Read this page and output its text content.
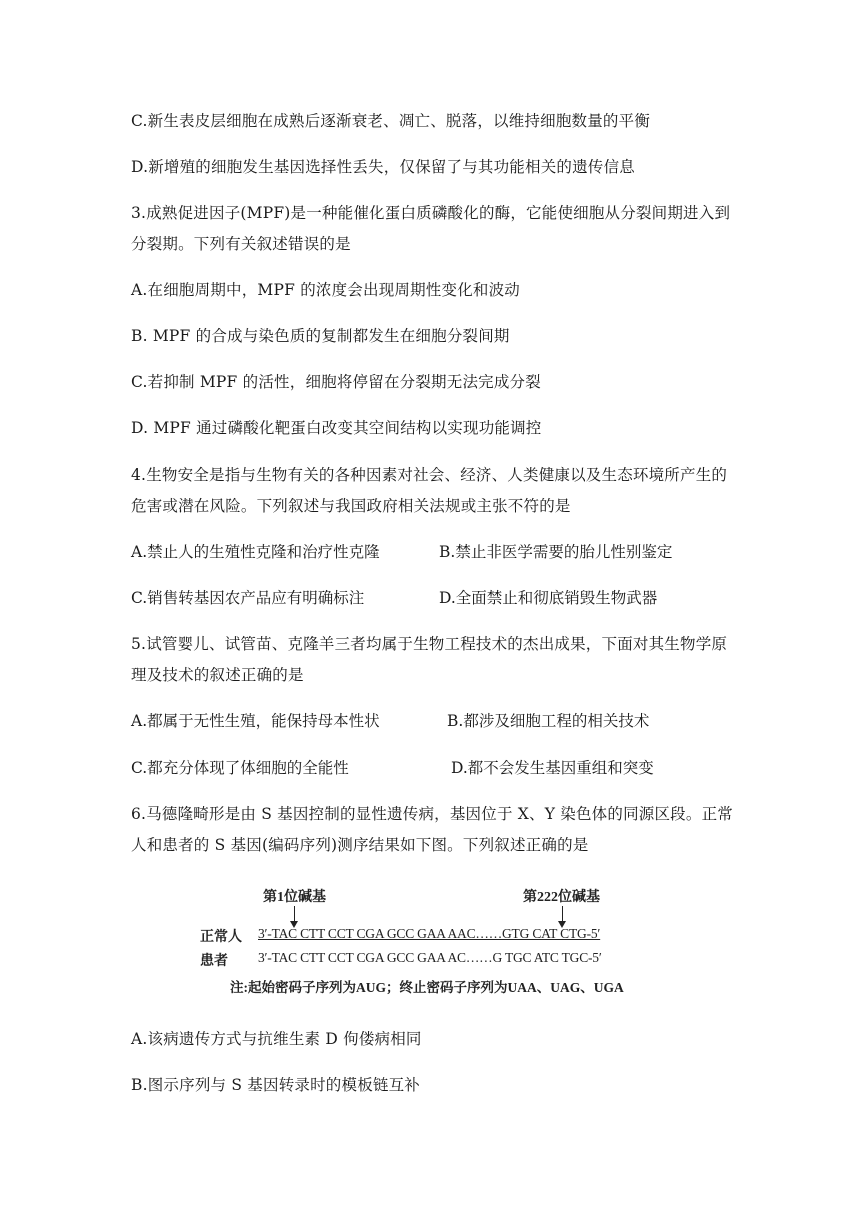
C.新生表皮层细胞在成熟后逐渐衰老、凋亡、脱落，以维持细胞数量的平衡
D.新增殖的细胞发生基因选择性丢失，仅保留了与其功能相关的遗传信息
3.成熟促进因子(MPF)是一种能催化蛋白质磷酸化的酶，它能使细胞从分裂间期进入到
分裂期。下列有关叙述错误的是
A.在细胞周期中，MPF 的浓度会出现周期性变化和波动
B. MPF 的合成与染色质的复制都发生在细胞分裂间期
C.若抑制 MPF 的活性，细胞将停留在分裂期无法完成分裂
D. MPF 通过磷酸化靶蛋白改变其空间结构以实现功能调控
4.生物安全是指与生物有关的各种因素对社会、经济、人类健康以及生态环境所产生的
危害或潜在风险。下列叙述与我国政府相关法规或主张不符的是
A.禁止人的生殖性克隆和治疗性克隆	B.禁止非医学需要的胎儿性别鉴定
C.销售转基因农产品应有明确标注	D.全面禁止和彻底销毁生物武器
5.试管婴儿、试管苗、克隆羊三者均属于生物工程技术的杰出成果，下面对其生物学原
理及技术的叙述正确的是
A.都属于无性生殖，能保持母本性状	B.都涉及细胞工程的相关技术
C.都充分体现了体细胞的全能性	D.都不会发生基因重组和突变
6.马德隆畸形是由 S 基因控制的显性遗传病，基因位于 X、Y 染色体的同源区段。正常
人和患者的 S 基因(编码序列)测序结果如下图。下列叙述正确的是
第1位碱基	第222位碱基
正常人 3′-TAC CTT CCT CGA GCC GAA AAC……GTG CAT CTG-5′
患者 3′-TAC CTT CCT CGA GCC GAA AC……G TGC ATC TGC-5′
注:起始密码子序列为AUG；终止密码子序列为UAA、UAG、UGA
A.该病遗传方式与抗维生素 D 佝偻病相同
B.图示序列与 S 基因转录时的模板链互补
